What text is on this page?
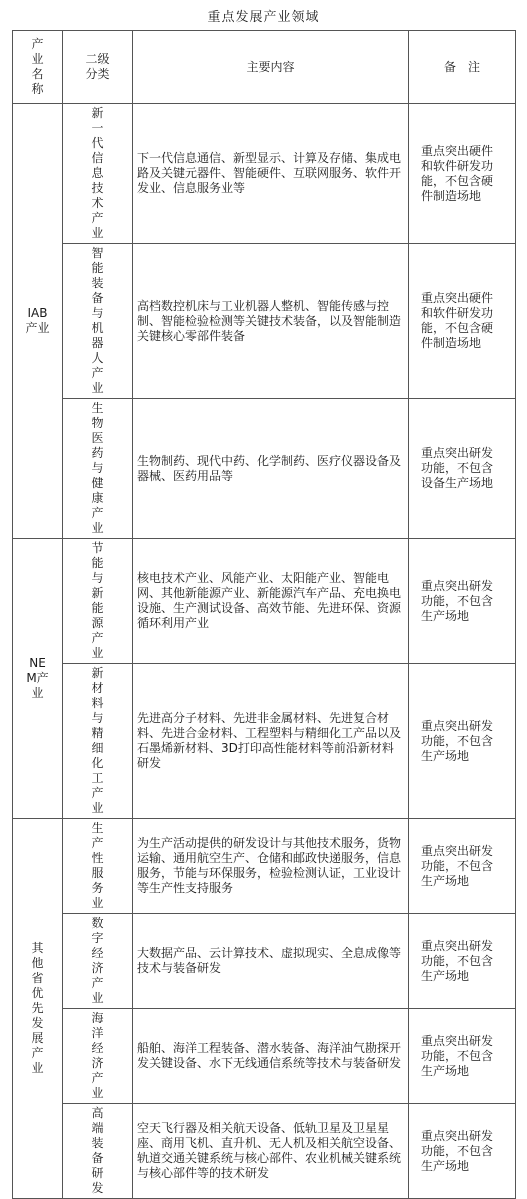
重点发展产业领域
产业名称	二级分类	主要内容	备　注

IAB产业	新一代信息技术产业	下一代信息通信、新型显示、计算及存储、集成电路及关键元器件、智能硬件、互联网服务、软件开发业、信息服务业等	重点突出硬件和软件研发功能，不包含硬件制造场地

	智能装备与机器人产业	高档数控机床与工业机器人整机、智能传感与控制、智能检验检测等关键技术装备，以及智能制造关键核心零部件装备	重点突出硬件和软件研发功能，不包含硬件制造场地

	生物医药与健康产业	生物制药、现代中药、化学制药、医疗仪器设备及器械、医药用品等	重点突出研发功能，不包含设备生产场地

NEM产业	节能与新能源产业	核电技术产业、风能产业、太阳能产业、智能电网、其他新能源产业、新能源汽车产品、充电换电设施、生产测试设备、高效节能、先进环保、资源循环利用产业	重点突出研发功能，不包含生产场地

	新材料与精细化工产业	先进高分子材料、先进非金属材料、先进复合材料、先进合金材料、工程塑料与精细化工产品以及石墨烯新材料、3D打印高性能材料等前沿新材料研发	重点突出研发功能，不包含生产场地

其他省优先发展产业	生产性服务业	为生产活动提供的研发设计与其他技术服务，货物运输、通用航空生产、仓储和邮政快递服务，信息服务，节能与环保服务，检验检测认证，工业设计等生产性支持服务	重点突出研发功能，不包含生产场地

	数字经济产业	大数据产品、云计算技术、虚拟现实、全息成像等技术与装备研发	重点突出研发功能，不包含生产场地

	海洋经济产业	船舶、海洋工程装备、潜水装备、海洋油气勘探开发关键设备、水下无线通信系统等技术与装备研发	重点突出研发功能，不包含生产场地

	高端装备研发	空天飞行器及相关航天设备、低轨卫星及卫星星座、商用飞机、直升机、无人机及相关航空设备、轨道交通关键系统与核心部件、农业机械关键系统与核心部件等的技术研发	重点突出研发功能，不包含生产场地
